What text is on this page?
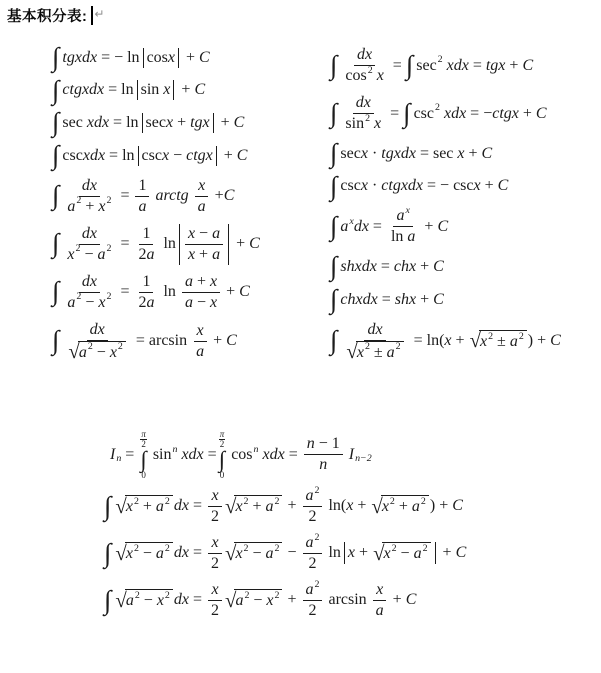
基本积分表: ↵
∫ tgxdx = − ln cos x + C
∫ ctgxdx = ln sin x + C
∫ sec xdx = ln sec x + tgx + C
∫ csc xdx = ln csc x − ctgx + C
∫ $\frac{dx}{a 2 + x 2} = \frac{1}{a}$ arctg $\frac{x}{a} + C$
∫ $\frac{dx}{x 2 - a 2} = \frac{1}{2 a}$ $\ln \frac{x - a}{x + a} + C$
∫ $\frac{dx}{a 2 - x 2} = \frac{1}{2 a}$ $\ln \frac{a + x}{a - x} + C$
∫ $\frac{dx}{√ a 2 - x 2} = \arcsin \frac{x}{a} + C$
∫ $\frac{dx}{\cos 2 x}$ = ∫ sec 2 xdx = tgx + C
∫ $\frac{dx}{\sin 2 x}$ = ∫ csc 2 xdx = − ctgx + C
∫ sec x · tgxdx = sec x + C
∫ csc x · ctgxdx = − csc x + C
∫ a x dx = $\frac{\text{a x}}{\text{ln a}} + C$
∫ shxdx = chx + C
∫ chxdx = shx + C
∫ $\frac{dx}{√ x 2 \pm a 2} = \ln$( x + √ x 2 ± a 2 ) + C
I n =
$\frac{\pi}{2}$
∫
0
sin n xdx =
$\frac{\pi}{2}$
∫
0
cos n xdx = $\frac{n - 1}{n}$ I n−2
∫ √ x 2 + a 2 dx = $\frac{x}{2}$ √ x 2 + a $2 + \frac{a 2}{2} \ln$( x + √ x 2 + a 2 ) + C
∫ √ x 2 − a 2 dx = $\frac{x}{2}$ √ x 2 − a $2 - \frac{a 2}{2}$ ln x + √ x 2 − a 2 + C
∫ √ a 2 − x 2 dx = $\frac{x}{2}$ √ a 2 − x $2 + \frac{a 2}{2}$ $\arcsin \frac{x}{a} + C$
